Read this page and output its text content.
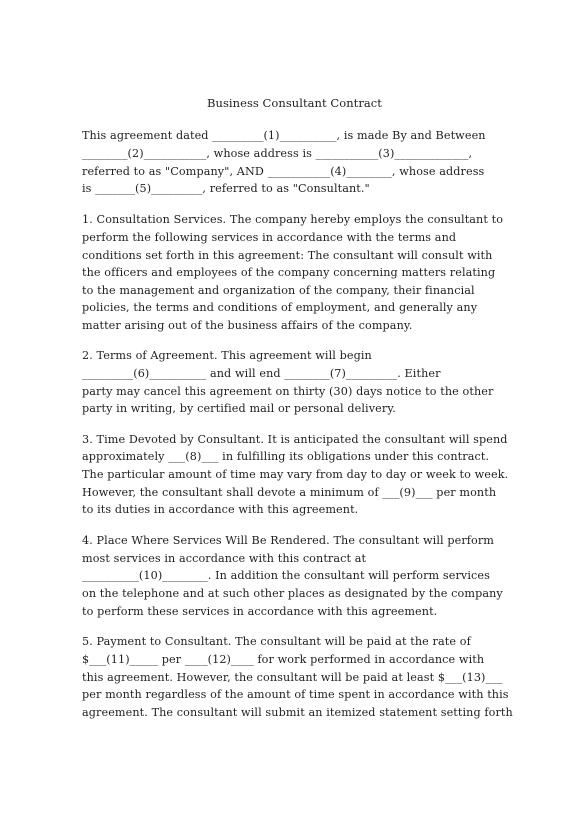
Business Consultant Contract
This agreement dated _________(1)__________, is made By and Between
________(2)___________, whose address is ___________(3)_____________,
referred to as "Company", AND ___________(4)________, whose address
is _______(5)_________, referred to as "Consultant."
1. Consultation Services. The company hereby employs the consultant to
perform the following services in accordance with the terms and
conditions set forth in this agreement: The consultant will consult with
the officers and employees of the company concerning matters relating
to the management and organization of the company, their financial
policies, the terms and conditions of employment, and generally any
matter arising out of the business affairs of the company.
2. Terms of Agreement. This agreement will begin
_________(6)__________ and will end ________(7)_________. Either
party may cancel this agreement on thirty (30) days notice to the other
party in writing, by certified mail or personal delivery.
3. Time Devoted by Consultant. It is anticipated the consultant will spend
approximately ___(8)___ in fulfilling its obligations under this contract.
The particular amount of time may vary from day to day or week to week.
However, the consultant shall devote a minimum of ___(9)___ per month
to its duties in accordance with this agreement.
4. Place Where Services Will Be Rendered. The consultant will perform
most services in accordance with this contract at
__________(10)________. In addition the consultant will perform services
on the telephone and at such other places as designated by the company
to perform these services in accordance with this agreement.
5. Payment to Consultant. The consultant will be paid at the rate of
$___(11)_____ per ____(12)____ for work performed in accordance with
this agreement. However, the consultant will be paid at least $___(13)___
per month regardless of the amount of time spent in accordance with this
agreement. The consultant will submit an itemized statement setting forth
